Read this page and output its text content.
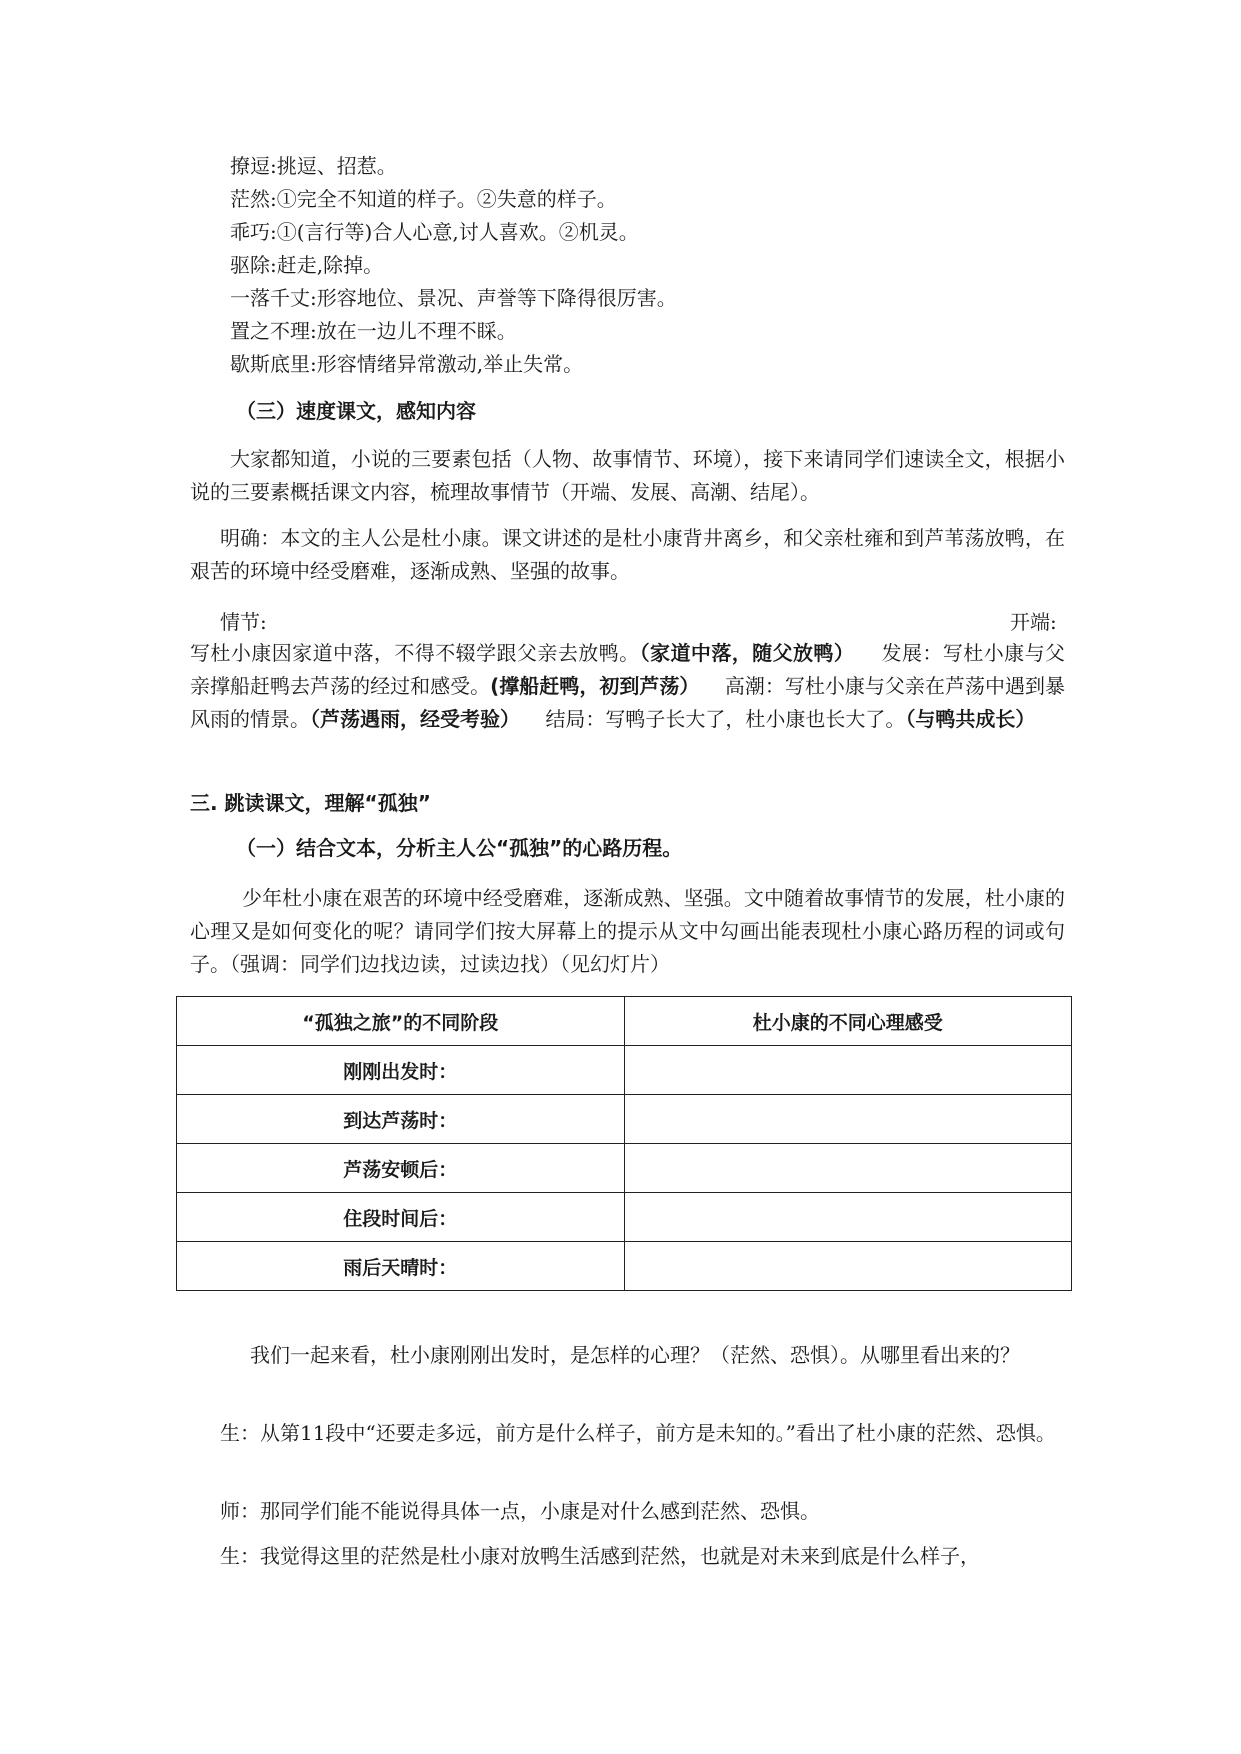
撩逗:挑逗、招惹。
茫然:①完全不知道的样子。②失意的样子。
乖巧:①(言行等)合人心意,讨人喜欢。②机灵。
驱除:赶走,除掉。
一落千丈:形容地位、景况、声誉等下降得很厉害。
置之不理:放在一边儿不理不睬。
歇斯底里:形容情绪异常激动,举止失常。
（三）速度课文，感知内容
大家都知道，小说的三要素包括（人物、故事情节、环境），接下来请同学们速读全文，根据小说的三要素概括课文内容，梳理故事情节（开端、发展、高潮、结尾）。
明确：本文的主人公是杜小康。课文讲述的是杜小康背井离乡，和父亲杜雍和到芦苇荡放鸭，在艰苦的环境中经受磨难，逐渐成熟、坚强的故事。
情节:	开端:
写杜小康因家道中落，不得不辍学跟父亲去放鸭。（家道中落，随父放鸭） 发展：写杜小康与父亲撑船赶鸭去芦荡的经过和感受。(撑船赶鸭，初到芦荡） 高潮：写杜小康与父亲在芦荡中遇到暴风雨的情景。（芦荡遇雨，经受考验） 结局：写鸭子长大了，杜小康也长大了。（与鸭共成长）
三. 跳读课文，理解“孤独”
（一）结合文本，分析主人公“孤独”的心路历程。
少年杜小康在艰苦的环境中经受磨难，逐渐成熟、坚强。文中随着故事情节的发展，杜小康的心理又是如何变化的呢？请同学们按大屏幕上的提示从文中勾画出能表现杜小康心路历程的词或句子。（强调：同学们边找边读，过读边找）（见幻灯片）
“孤独之旅”的不同阶段	杜小康的不同心理感受
刚刚出发时：	
到达芦荡时：	
芦荡安顿后：	
住段时间后：	
雨后天晴时：	
我们一起来看，杜小康刚刚出发时，是怎样的心理？（茫然、恐惧）。从哪里看出来的？
生：从第11段中“还要走多远，前方是什么样子，前方是未知的。”看出了杜小康的茫然、恐惧。
师：那同学们能不能说得具体一点，小康是对什么感到茫然、恐惧。
生：我觉得这里的茫然是杜小康对放鸭生活感到茫然，也就是对未来到底是什么样子，
